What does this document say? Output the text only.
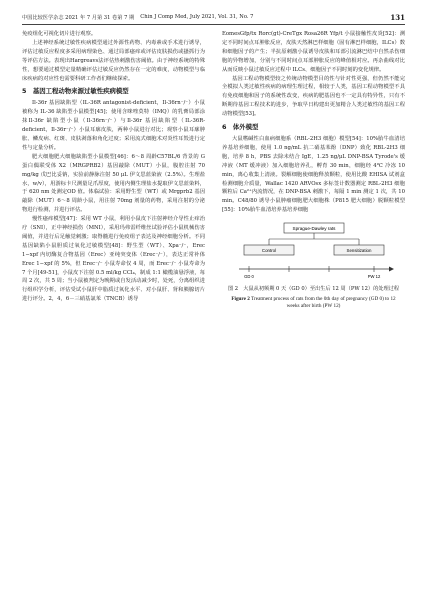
中国比较医学杂志 2021 年 7 月第 31 卷第 7 期 Chin J Comp Med, July 2021, Vol. 31, No. 7	131

免疫组化可视化切片进行观察。

上述神经系统过敏性疾病模型通过外源性药物、内毒素或手术进行诱导，评估过敏反应程度多采用病理染色、通过局部瘙痒或评估皮肤损伤或搔抓行为等评估方法。表现出Hargreavs法评估热刺激伤害阈值。由于神经系统的特殊性，想要通过模型定量精确评估过敏反应仍然存在一定的难度，动物模型与临床疾病的对应性也需要科研工作者们继续探索。

5　基因工程动物来源过敏性疾病模型

Il-36r 基因缺陷型（IL-36R antagonist-deficient，Il-36rn⁻/⁻）小鼠被称为 IL-36 缺陷型小鼠模型[45]；使用含咪喹莫特（IMQ）的乳膏局部涂抹Il-36r 缺陷型小鼠（Il-36rn⁻/⁻）与Il-36r 基因缺陷型（IL-36R-deficient，Il-36r⁻/⁻）小鼠耳廓皮肤，两种小鼠进行对比；观察小鼠耳廓肿胀、鳞皮病、红斑、皮肤剥落和角化过度；采用流式细胞术对炎性耳毁进行定性与定量分析。

肥大细胞肥大细胞缺陷型小鼠模型[46]：6～8 周龄C57BL/6 背景的 G 蛋白偶联受体 X2（MRGPRB2）基因敲除（MUT）小鼠，腹腔注射 70 mg/kg 戊巴比妥钠，实验前静脉注射 50 μL 伊文思蓝染液（2.5%）。生理盐水，w/v），用游标卡尺测量足爪厚度，使用内侧生理盐水提取伊文思蓝染料，于 620 nm 处测定OD 值。体临试验：采用野生型（WT）或 Mrgprb2 基因敲除（MUT）6～8 周龄小鼠，用注射 70mg 剂量的药物，采用注射的分泌物进行检测，并进行评估。

慢性瘙痒模型[47]：采用 WT 小鼠，利用小鼠皮下注射神经介导性止痒治疗（SNI），正中神经损伤（MNI），采用玛弗雷纤维丝试验评估小鼠机械伤害阈值，并进行后足触觉刺激；取脊髓进行免疫组子表达及神经细胞分析。不同基因缺陷小鼠胆质过氧化过敏模型[48]：野生型（WT）、Xpa⁻/⁻，Erec 1−xpf 内切酶复合物基因（Erec）亚纯突变体（Erec⁻/⁻），表达正常补体 Erec 1−xpf 的 5%，但 Erec⁻/⁻ 小鼠寿命仅 4 周，而 Erec⁻/⁻ 小鼠寿命为 7 个月[49-51]，小鼠皮下注射 0.5 ml/kg CCl₄，制成 1:1 橄榄油悬浮液，每周 2 次，共 5 周；当小鼠被判定为晚期或自发活动减少时，处死，分离组织进行组织学分析，评估受试小鼠肝中脂质过氧化水平、对小鼠肝、肾和胰腺切片进行评分。2，4，6－三硝基氯苯（TNCB）诱导

EomesGfp/tx Rorc(gt)-CreTgx Rosa26R Yfp/t 小鼠接触性皮炎[52]：测定不同时间点耳肿胀反应，皮肤天然淋巴样细胞（固有淋巴样细胞，ILCs）数和细胞因子的产生；半抗原刺激小鼠诱导皮肤和耳部引流淋巴结中自然杀伤细胞的异物增加，分别与不同时间点耳部肿胀反应的峰值相对应。再杂曲线对比从而反映小鼠过敏反应过程中 ILCs、细胞因子不同时刻的变化规律。

基因工程动物模型较之传统动物模型目的性与针对性更强，但仍然不能完全模拟人类过敏性疾病的病理生理过程，相较于人类，基因工程动物模型不具有免疫细胞和因子的系统性改变，疾病的肥基因也不一定具有特异性，只有不断期待基因工程技术的进步，争取早日构建出更加精合人类过敏性的基因工程动物模型[53]。

6　体外模型

大鼠嗜碱性白血病细胞系（RBL-2H3 细胞）模型[54]：10%胎牛血清培养基培养细胞，使用 1.0 ng/mL 抗二硝基苯酚（DNP）致化 RBL-2H3 细胞，培养 8 h，PBS 去除未结合 IgE，1.25 ng/μL DNP-BSA Tyrode's 缓冲液（MT 缓冲液）加入细胞培养孔，孵育 30 min，细胞经 4℃ 冷冻 10 min，离心收集上清液。裂解细胞使细胞释放颗粒，使用比酸 EHISA 试剂盒检测细胞介质量，Wallac 1420 ARVOsx 多标签计数器测定 RBL-2H3 细胞颗粒后 Ca²⁺内流情况，在 DNP-BSA 刺激下，每隔 1 min 测定 1 次，共 10 min。C48/80 诱导小鼠肿瘤细胞肥大细胞株（P815 肥大细胞）脱颗粒模型[55]：10%胎牛血清培养基培养细胞

Sprague-Dawley rats
Control	Sensitization
GD 0	PW 12
图 2　大鼠从初频期 0 天（GD 0）至出生后 12 周（PW 12）的处理过程
Figure 2 Treatment process of rats from the 0th day of pregnancy (GD 0) to 12 weeks after birth (PW 12)
